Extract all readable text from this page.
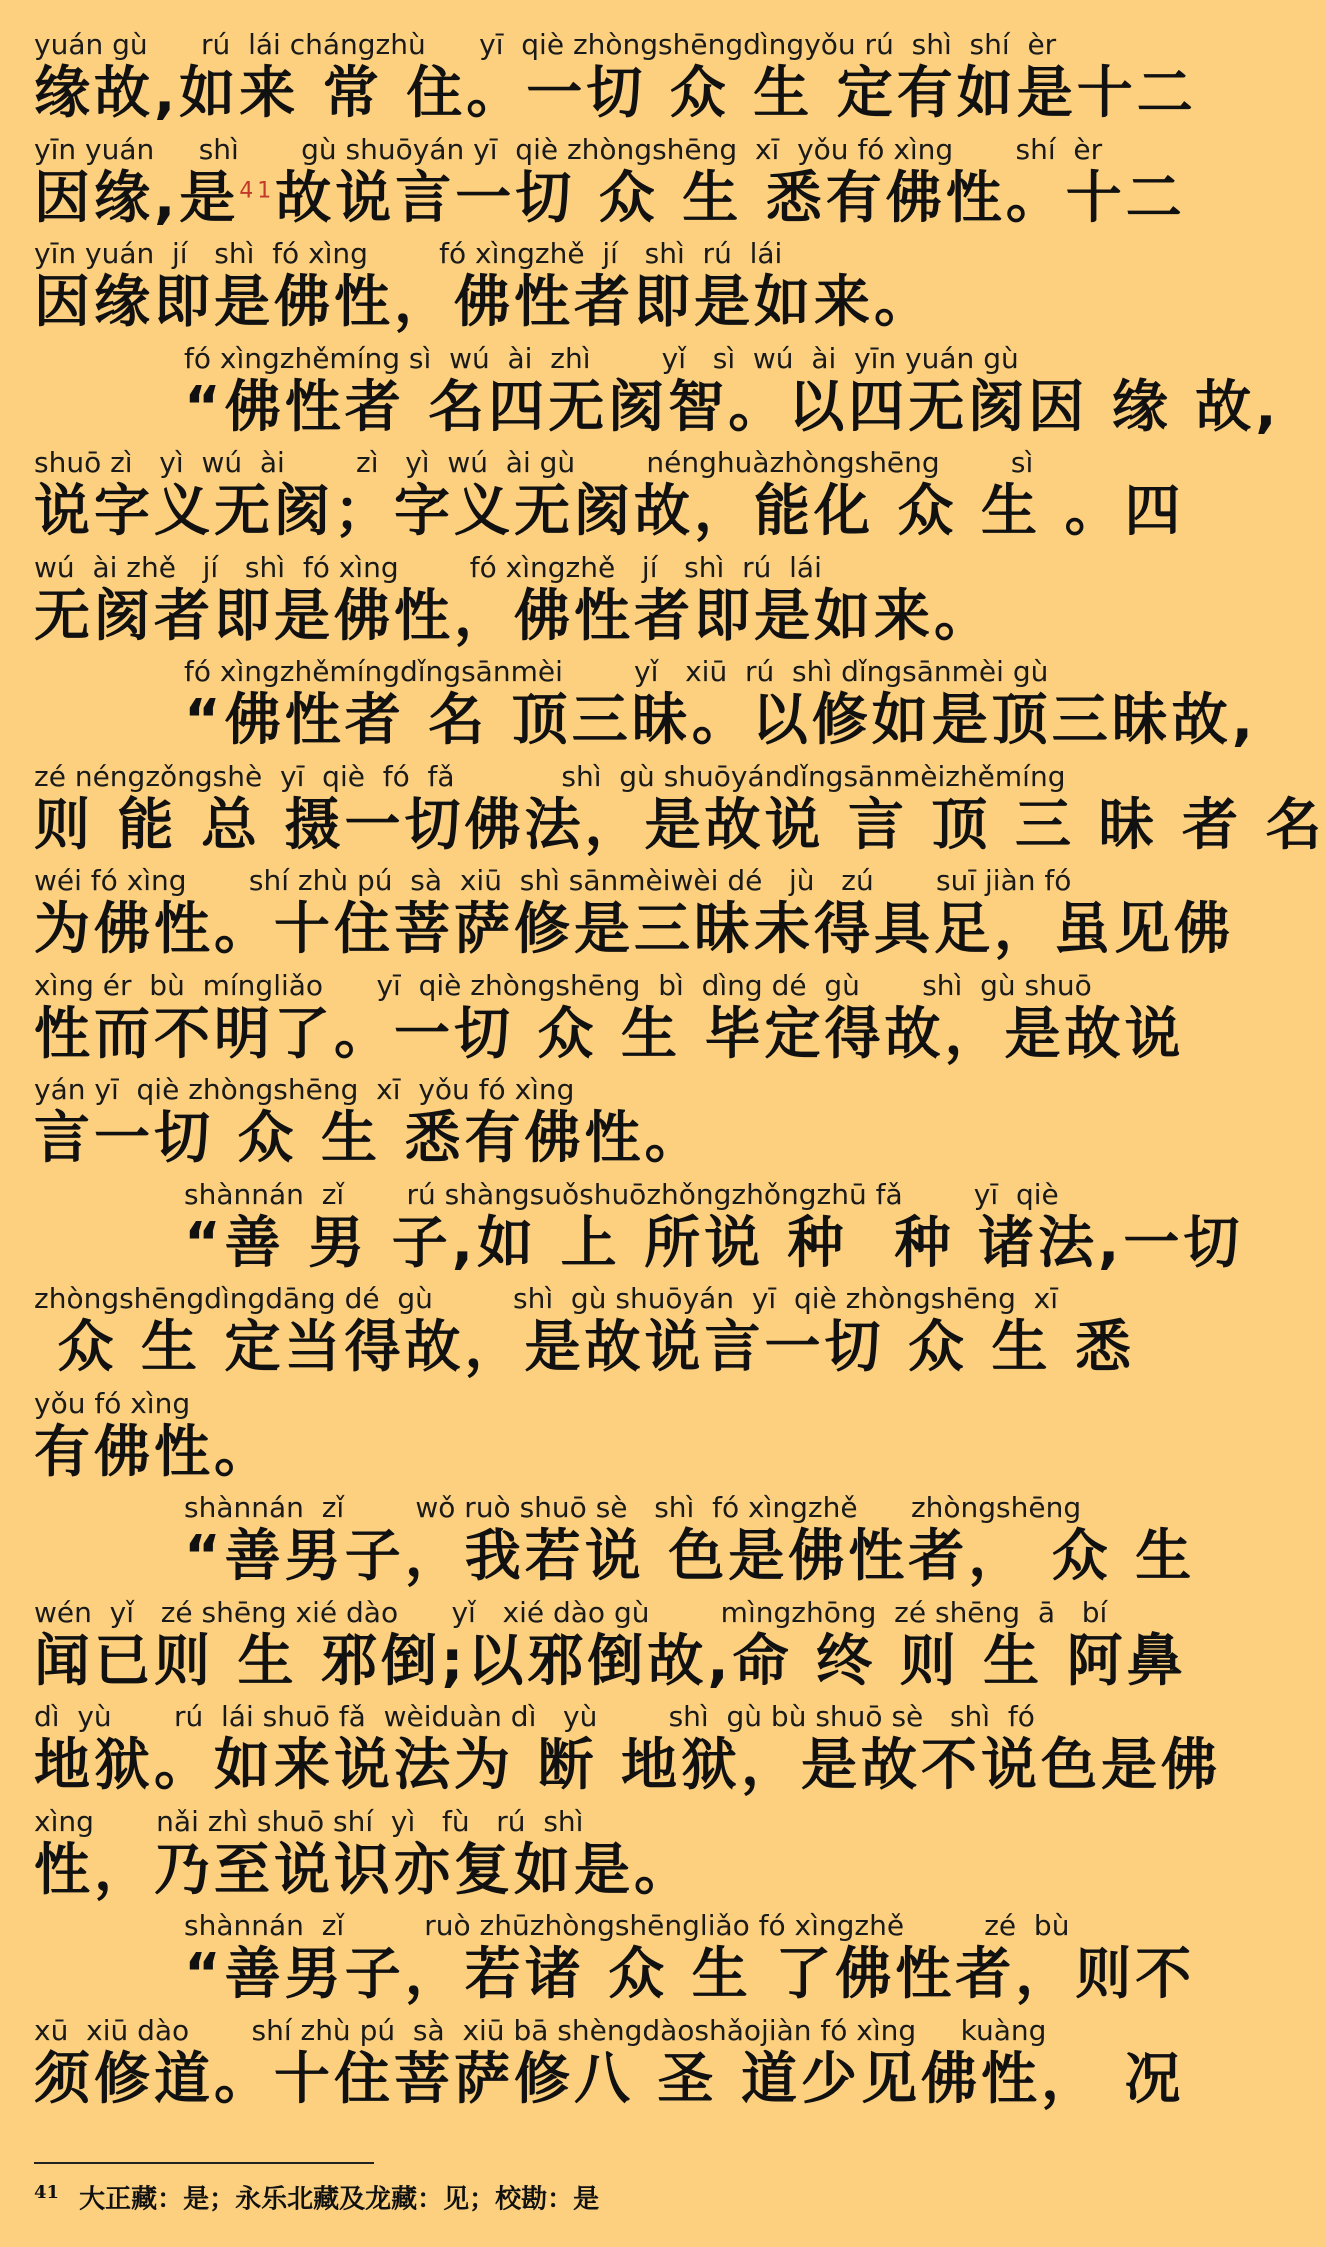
yuán gù      rú  lái chángzhù      yī  qiè zhòngshēngdìngyǒu rú  shì  shí  èr
缘故,如来 常 住。一切 众 生 定有如是十二
yīn yuán     shì       gù shuōyán yī  qiè zhòngshēng  xī  yǒu fó xìng       shí  èr
因缘,是$^{41}$故说言一切 众 生 悉有佛性。十二
yīn yuán  jí   shì  fó xìng        fó xìngzhě  jí   shì  rú  lái
因缘即是佛性，佛性者即是如来。
fó xìngzhěmíng sì  wú  ài  zhì        yǐ   sì  wú  ài  yīn yuán gù
“佛性者 名四无阂智。以四无阂因 缘 故,
shuō zì   yì  wú  ài        zì   yì  wú  ài gù        nénghuàzhòngshēng        sì
说字义无阂；字义无阂故，能化 众 生 。四
wú  ài zhě   jí   shì  fó xìng        fó xìngzhě   jí   shì  rú  lái
无阂者即是佛性，佛性者即是如来。
fó xìngzhěmíngdǐngsānmèi        yǐ   xiū  rú  shì dǐngsānmèi gù
“佛性者 名 顶三昧。以修如是顶三昧故,
zé néngzǒngshè  yī  qiè  fó  fǎ            shì  gù shuōyándǐngsānmèizhěmíng
则 能 总 摄一切佛法，是故说 言 顶 三 昧 者 名
wéi fó xìng       shí zhù pú  sà  xiū  shì sānmèiwèi dé   jù   zú       suī jiàn fó
为佛性。十住菩萨修是三昧未得具足，虽见佛
xìng ér  bù  míngliǎo      yī  qiè zhòngshēng  bì  dìng dé  gù       shì  gù shuō
性而不明了。一切 众 生 毕定得故，是故说
yán yī  qiè zhòngshēng  xī  yǒu fó xìng
言一切 众 生 悉有佛性。
shànnán  zǐ       rú shàngsuǒshuōzhǒngzhǒngzhū fǎ        yī  qiè
“善 男 子,如 上 所说 种  种 诸法,一切
zhòngshēngdìngdāng dé  gù         shì  gù shuōyán  yī  qiè zhòngshēng  xī
众 生 定当得故，是故说言一切 众 生 悉
yǒu fó xìng
有佛性。
shànnán  zǐ        wǒ ruò shuō sè   shì  fó xìngzhě      zhòngshēng
“善男子，我若说 色是佛性者， 众 生
wén  yǐ   zé shēng xié dào      yǐ   xié dào gù        mìngzhōng  zé shēng  ā   bí
闻已则 生 邪倒;以邪倒故,命 终 则 生 阿鼻
dì  yù       rú  lái shuō fǎ  wèiduàn dì   yù        shì  gù bù shuō sè   shì  fó
地狱。如来说法为 断 地狱，是故不说色是佛
xìng       nǎi zhì shuō shí  yì   fù   rú  shì
性，乃至说识亦复如是。
shànnán  zǐ         ruò zhūzhòngshēngliǎo fó xìngzhě         zé  bù
“善男子，若诸 众 生 了佛性者，则不
xū  xiū dào       shí zhù pú  sà  xiū bā shèngdàoshǎojiàn fó xìng     kuàng
须修道。十住菩萨修八 圣 道少见佛性， 况
$^{41}$ 大正藏：是；永乐北藏及龙藏：见；校勘：是
